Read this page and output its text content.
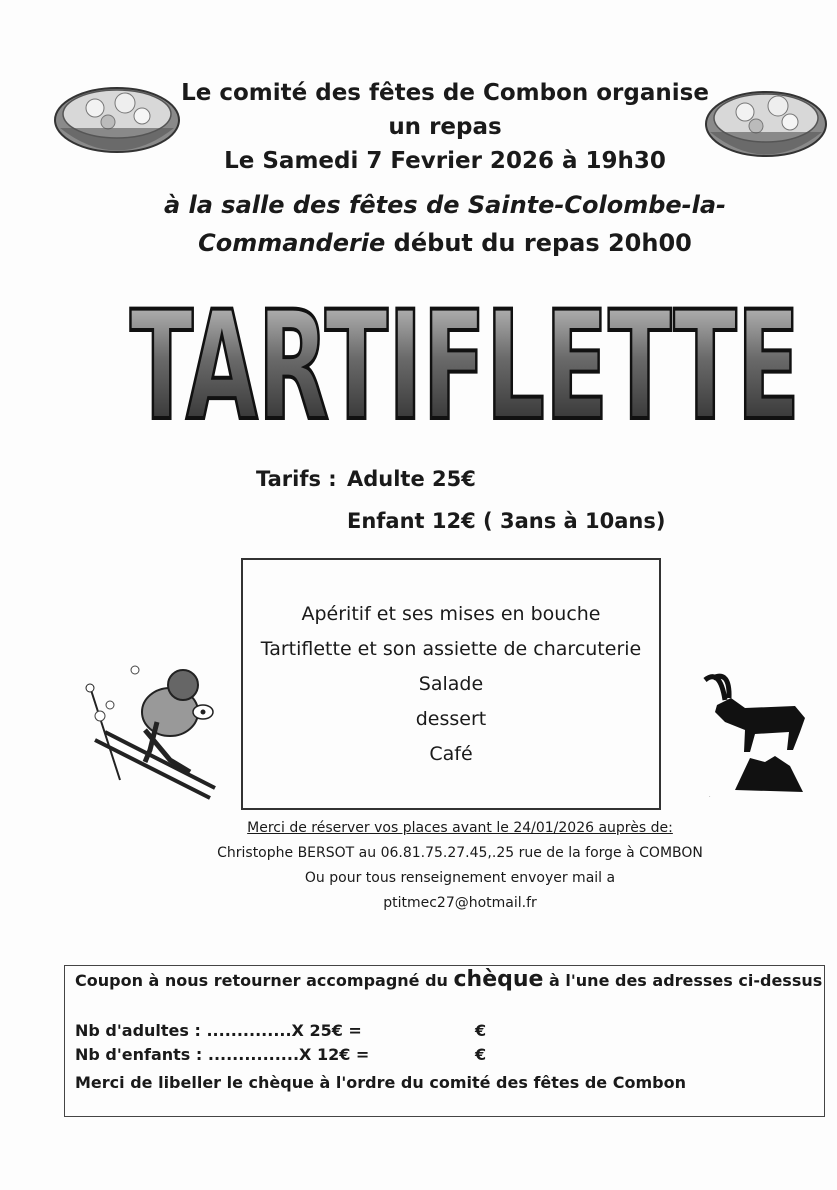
Le comité des fêtes de Combon organise
un repas
Le Samedi 7 Fevrier 2026 à 19h30
à la salle des fêtes de Sainte-Colombe-la-
Commanderie début du repas 20h00
TARTIFLETTE
Tarifs : Adulte 25€
Enfant 12€ ( 3ans à 10ans)
Apéritif et ses mises en bouche
Tartiflette et son assiette de charcuterie
Salade
dessert
Café
.
Merci de réserver vos places avant le 24/01/2026 auprès de:
Christophe BERSOT au 06.81.75.27.45,.25 rue de la forge à COMBON
Ou pour tous renseignement envoyer mail a
ptitmec27@hotmail.fr
Coupon à nous retourner accompagné du chèque à l'une des adresses ci-dessus
Nb d'adultes : ..............X 25€ =	€
Nb d'enfants : ...............X 12€ =	€
Merci de libeller le chèque à l'ordre du comité des fêtes de Combon
